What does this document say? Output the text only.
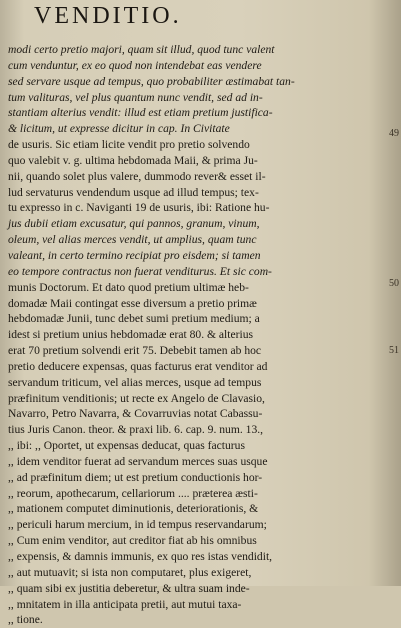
VENDITIO.
modi certo pretio majori, quam sit illud, quod tunc valent
cum venduntur, ex eo quod non intendebat eas vendere
sed servare usque ad tempus, quo probabiliter æstimabat tan-
tum valituras, vel plus quantum nunc vendit, sed ad in-
stantiam alterius vendit: illud est etiam pretium justifica-
& licitum, ut expresse dicitur in cap. In Civitate
de usuris. Sic etiam licite vendit pro pretio solvendo
quo valebit v. g. ultima hebdomada Maii, & prima Ju-
nii, quando solet plus valere, dummodo rever& esset il-
lud servaturus vendendum usque ad illud tempus; tex-
tu expresso in c. Naviganti 19 de usuris, ibi: Ratione hu-
jus dubii etiam excusatur, qui pannos, granum, vinum,
oleum, vel alias merces vendit, ut amplius, quam tunc
valeant, in certo termino recipiat pro eisdem; si tamen
eo tempore contractus non fuerat venditurus. Et sic com-
munis Doctorum. Et dato quod pretium ultimæ heb-
domadæ Maii contingat esse diversum a pretio primæ
hebdomadæ Junii, tunc debet sumi pretium medium; a
idest si pretium unius hebdomadæ erat 80. & alterius
erat 70 pretium solvendi erit 75. Debebit tamen ab hoc
pretio deducere expensas, quas facturus erat venditor ad
servandum triticum, vel alias merces, usque ad tempus
præfinitum venditionis; ut recte ex Angelo de Clavasio,
Navarro, Petro Navarra, & Covarruvias notat Cabassu-
tius Juris Canon. theor. & praxi lib. 6. cap. 9. num. 13.,
,, ibi: ,, Oportet, ut expensas deducat, quas facturus
,, idem venditor fuerat ad servandum merces suas usque
,, ad præfinitum diem; ut est pretium conductionis hor-
,, reorum, apothecarum, cellariorum .... præterea æsti-
,, mationem computet diminutionis, deteriorationis, &
,, periculi harum mercium, in id tempus reservandarum;
,, Cum enim venditor, aut creditor fiat ab his omnibus
,, expensis, & damnis immunis, ex quo res istas vendidit,
,, aut mutuavit; si ista non computaret, plus exigeret,
,, quam sibi ex justitia deberetur, & ultra suam inde-
,, mnitatem in illa anticipata pretii, aut mutui taxa-
,, tione.
49
50
51
